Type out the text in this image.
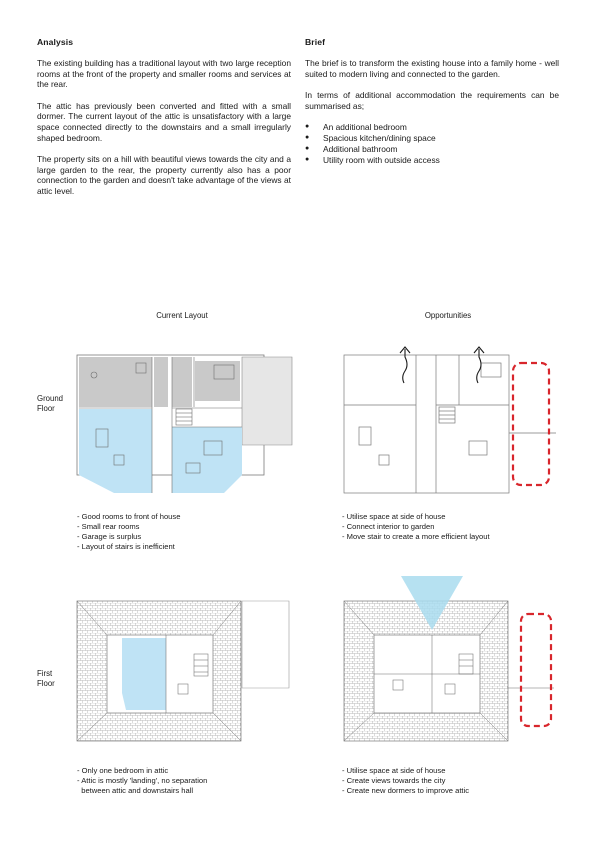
Analysis

The existing building has a traditional layout with two large reception rooms at the front of the property and smaller rooms and services at the rear.

The attic has previously been converted and fitted with a small dormer. The current layout of the attic is unsatisfactory with a large space connected directly to the downstairs and a small irregularly shaped bedroom.

The property sits on a hill with beautiful views towards the city and a large garden to the rear, the property currently also has a poor connection to the garden and doesn't take advantage of the views at attic level.

Brief

The brief is to transform the existing house into a family home - well suited to modern living and connected to the garden.

In terms of additional accommodation the requirements can be summarised as;

● An additional bedroom
● Spacious kitchen/dining space
● Additional bathroom
● Utility room with outside access
Current Layout	Opportunities
Ground
Floor
First
Floor
- Good rooms to front of house
- Small rear rooms
- Garage is surplus
- Layout of stairs is inefficient
- Utilise space at side of house
- Connect interior to garden
- Move stair to create a more efficient layout
- Only one bedroom in attic
- Attic is mostly 'landing', no separation
between attic and downstairs hall
- Utilise space at side of house
- Create views towards the city
- Create new dormers to improve attic
